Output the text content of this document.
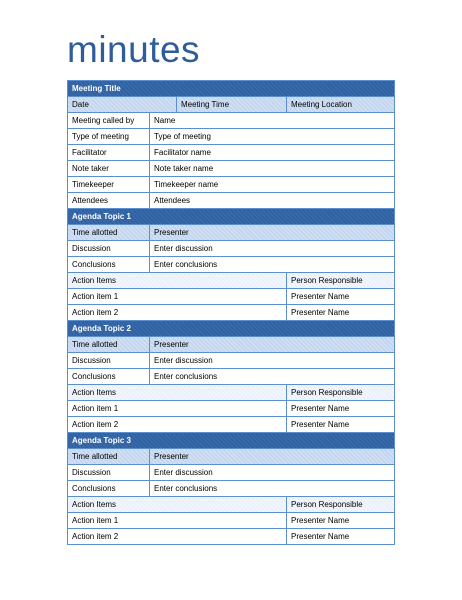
minutes
Meeting Title				
Date		Meeting Time	Meeting Location	
Meeting called by	Name			
Type of meeting	Type of meeting			
Facilitator	Facilitator name			
Note taker	Note taker name			
Timekeeper	Timekeeper name			
Attendees	Attendees			
Agenda Topic 1				
Time allotted	Presenter			
Discussion	Enter discussion			
Conclusions	Enter conclusions			
Action Items			Person Responsible	
Action item 1			Presenter Name	
Action item 2			Presenter Name	
Agenda Topic 2				
Time allotted	Presenter			
Discussion	Enter discussion			
Conclusions	Enter conclusions			
Action Items			Person Responsible	
Action item 1			Presenter Name	
Action item 2			Presenter Name	
Agenda Topic 3				
Time allotted	Presenter			
Discussion	Enter discussion			
Conclusions	Enter conclusions			
Action Items			Person Responsible	
Action item 1			Presenter Name	
Action item 2			Presenter Name	
